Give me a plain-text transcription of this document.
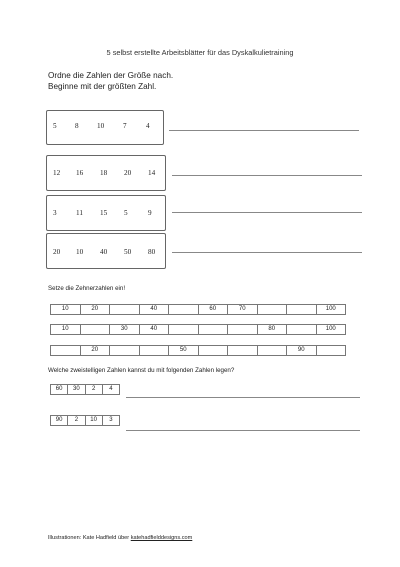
5 selbst erstellte Arbeitsblätter für das Dyskalkulietraining
Ordne die Zahlen der Größe nach.
Beginne mit der größten Zahl.
5	8	10	7	4
12 16 18 20 14
3	11 15 5	9
20 10 40 50 80
Setze die Zehnerzahlen ein!
10	20		40		60	70			100
10		30	40				80		100
	20			50				90	
Welche zweistelligen Zahlen kannst du mit folgenden Zahlen legen?
60	30	2	4
90	2	10	3
Illustrationen: Kate Hadfield über katehadfielddesigns.com
